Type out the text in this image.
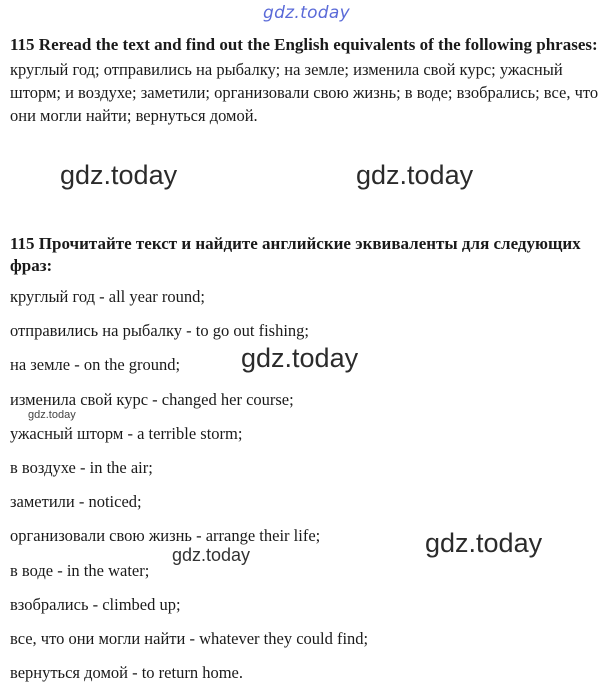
gdz.today
gdz.today	gdz.today
gdz.today
gdz.today
gdz.today
gdz.today

115 Reread the text and find out the English equivalents of the following phrases:

круглый год; отправились на рыбалку; на земле; изменила свой курс; ужасный шторм; и воздухе; заметили; организовали свою жизнь; в воде; взобрались; все, что они могли найти; вернуться домой.

115 Прочитайте текст и найдите английские эквиваленты для следующих фраз:

круглый год - all year round;
отправились на рыбалку - to go out fishing;
на земле - on the ground;
изменила свой курс - changed her course;
ужасный шторм - a terrible storm;
в воздухе - in the air;
заметили - noticed;
организовали свою жизнь - arrange their life;
в воде - in the water;
взобрались - climbed up;
все, что они могли найти - whatever they could find;
вернуться домой - to return home.
